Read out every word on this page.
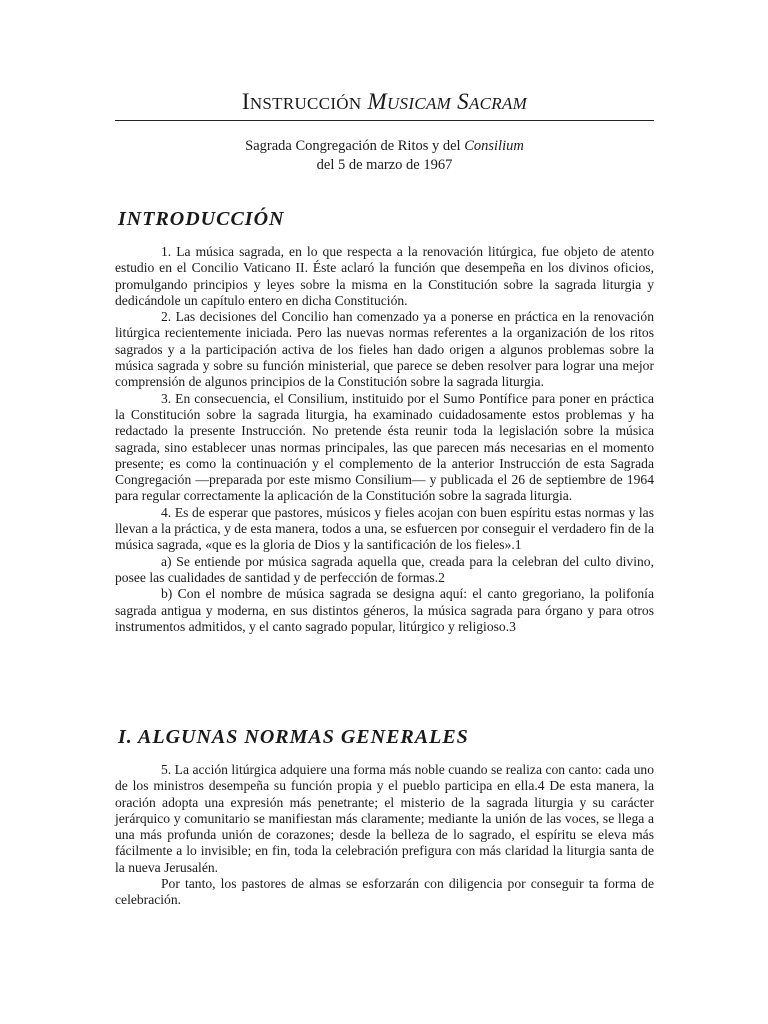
INSTRUCCIÓN MUSICAM SACRAM
Sagrada Congregación de Ritos y del Consilium
del 5 de marzo de 1967
INTRODUCCIÓN

1. La música sagrada, en lo que respecta a la renovación litúrgica, fue objeto de atento estudio en el Concilio Vaticano II. Éste aclaró la función que desempeña en los divinos oficios, promulgando principios y leyes sobre la misma en la Constitución sobre la sagrada liturgia y dedicándole un capítulo entero en dicha Constitución.

2. Las decisiones del Concilio han comenzado ya a ponerse en práctica en la renovación litúrgica recientemente iniciada. Pero las nuevas normas referentes a la organización de los ritos sagrados y a la participación activa de los fieles han dado origen a algunos problemas sobre la música sagrada y sobre su función ministerial, que parece se deben resolver para lograr una mejor comprensión de algunos principios de la Constitución sobre la sagrada liturgia.

3. En consecuencia, el Consilium, instituido por el Sumo Pontífice para poner en práctica la Constitución sobre la sagrada liturgia, ha examinado cuidadosamente estos problemas y ha redactado la presente Instrucción. No pretende ésta reunir toda la legislación sobre la música sagrada, sino establecer unas normas principales, las que parecen más necesarias en el momento presente; es como la continuación y el complemento de la anterior Instrucción de esta Sagrada Congregación —preparada por este mismo Consilium— y publicada el 26 de septiembre de 1964 para regular correctamente la aplicación de la Constitución sobre la sagrada liturgia.

4. Es de esperar que pastores, músicos y fieles acojan con buen espíritu estas normas y las llevan a la práctica, y de esta manera, todos a una, se esfuercen por conseguir el verdadero fin de la música sagrada, «que es la gloria de Dios y la santificación de los fieles».1

a) Se entiende por música sagrada aquella que, creada para la celebran del culto divino, posee las cualidades de santidad y de perfección de formas.2

b) Con el nombre de música sagrada se designa aquí: el canto gregoriano, la polifonía sagrada antigua y moderna, en sus distintos géneros, la música sagrada para órgano y para otros instrumentos admitidos, y el canto sagrado popular, litúrgico y religioso.3

I. ALGUNAS NORMAS GENERALES

5. La acción litúrgica adquiere una forma más noble cuando se realiza con canto: cada uno de los ministros desempeña su función propia y el pueblo participa en ella.4 De esta manera, la oración adopta una expresión más penetrante; el misterio de la sagrada liturgia y su carácter jerárquico y comunitario se manifiestan más claramente; mediante la unión de las voces, se llega a una más profunda unión de corazones; desde la belleza de lo sagrado, el espíritu se eleva más fácilmente a lo invisible; en fin, toda la celebración prefigura con más claridad la liturgia santa de la nueva Jerusalén.

Por tanto, los pastores de almas se esforzarán con diligencia por conseguir ta forma de celebración.
